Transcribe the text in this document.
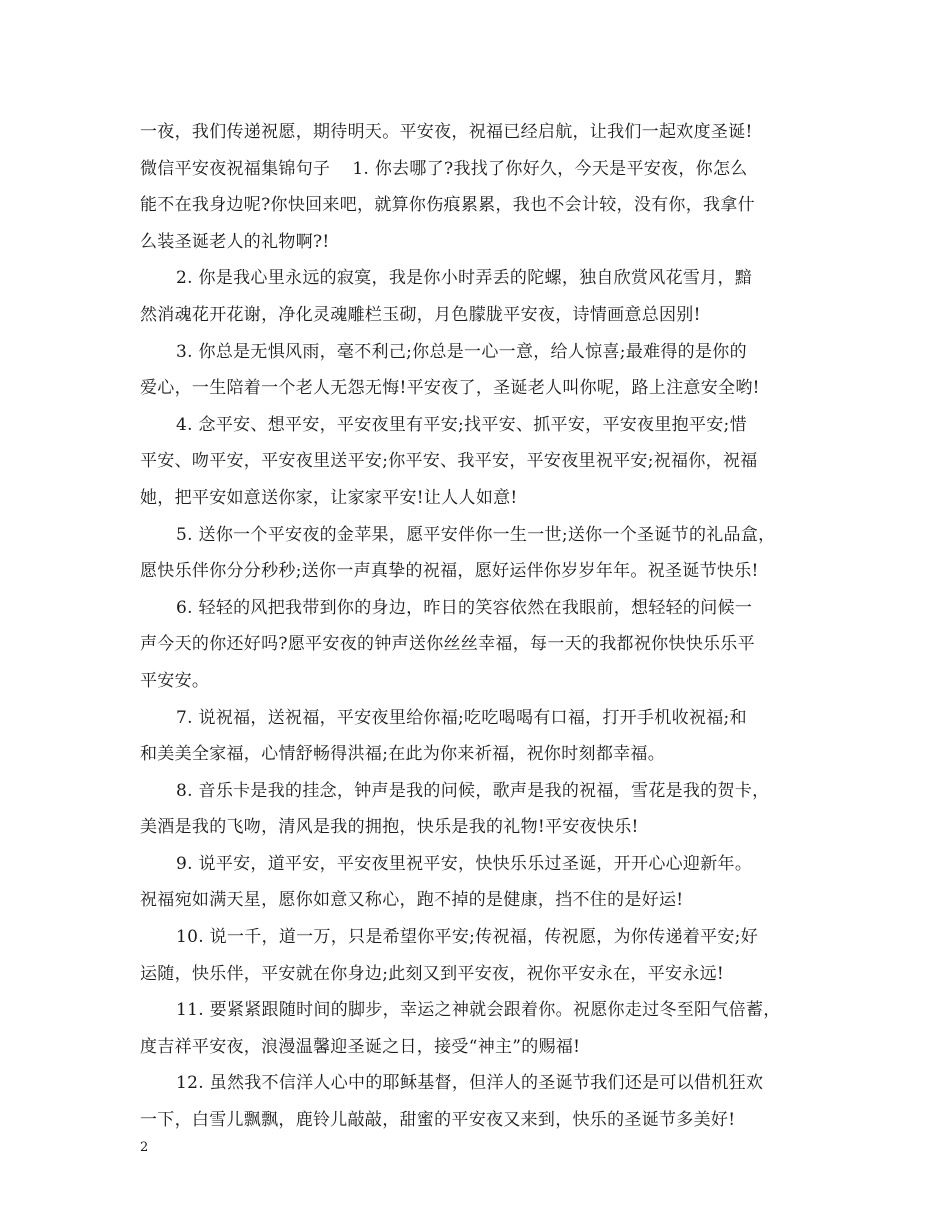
一夜，我们传递祝愿，期待明天。平安夜，祝福已经启航，让我们一起欢度圣诞!
微信平安夜祝福集锦句子 1. 你去哪了?我找了你好久，今天是平安夜，你怎么
能不在我身边呢?你快回来吧，就算你伤痕累累，我也不会计较，没有你，我拿什
么装圣诞老人的礼物啊?!
2. 你是我心里永远的寂寞，我是你小时弄丢的陀螺，独自欣赏风花雪月，黯
然消魂花开花谢，净化灵魂雕栏玉砌，月色朦胧平安夜，诗情画意总因别!
3. 你总是无惧风雨，毫不利己;你总是一心一意，给人惊喜;最难得的是你的
爱心，一生陪着一个老人无怨无悔!平安夜了，圣诞老人叫你呢，路上注意安全哟!
4. 念平安、想平安，平安夜里有平安;找平安、抓平安，平安夜里抱平安;惜
平安、吻平安，平安夜里送平安;你平安、我平安，平安夜里祝平安;祝福你，祝福
她，把平安如意送你家，让家家平安!让人人如意!
5. 送你一个平安夜的金苹果，愿平安伴你一生一世;送你一个圣诞节的礼品盒，
愿快乐伴你分分秒秒;送你一声真挚的祝福，愿好运伴你岁岁年年。祝圣诞节快乐!
6. 轻轻的风把我带到你的身边，昨日的笑容依然在我眼前，想轻轻的问候一
声今天的你还好吗?愿平安夜的钟声送你丝丝幸福，每一天的我都祝你快快乐乐平
平安安。
7. 说祝福，送祝福，平安夜里给你福;吃吃喝喝有口福，打开手机收祝福;和
和美美全家福，心情舒畅得洪福;在此为你来祈福，祝你时刻都幸福。
8. 音乐卡是我的挂念，钟声是我的问候，歌声是我的祝福，雪花是我的贺卡，
美酒是我的飞吻，清风是我的拥抱，快乐是我的礼物!平安夜快乐!
9. 说平安，道平安，平安夜里祝平安，快快乐乐过圣诞，开开心心迎新年。
祝福宛如满天星，愿你如意又称心，跑不掉的是健康，挡不住的是好运!
10. 说一千，道一万，只是希望你平安;传祝福，传祝愿，为你传递着平安;好
运随，快乐伴，平安就在你身边;此刻又到平安夜，祝你平安永在，平安永远!
11. 要紧紧跟随时间的脚步，幸运之神就会跟着你。祝愿你走过冬至阳气倍蓄，
度吉祥平安夜，浪漫温馨迎圣诞之日，接受“神主”的赐福!
12. 虽然我不信洋人心中的耶稣基督，但洋人的圣诞节我们还是可以借机狂欢
一下，白雪儿飘飘，鹿铃儿敲敲，甜蜜的平安夜又来到，快乐的圣诞节多美好!
2
